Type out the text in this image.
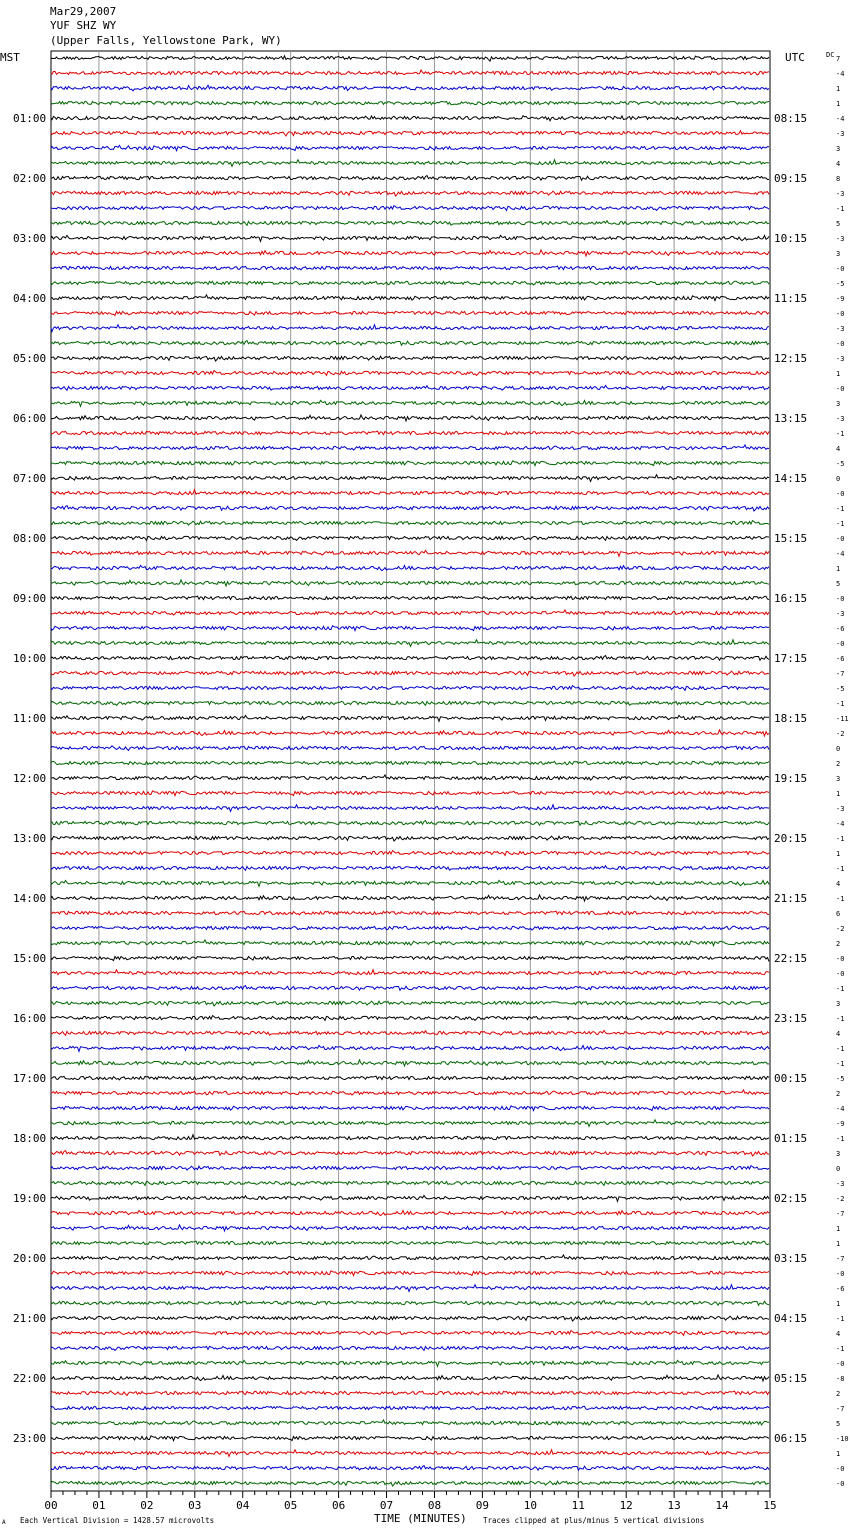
Mar29,2007
YUF SHZ WY
(Upper Falls, Yellowstone Park, WY)
MST	UTC	DC 7
-4
1
1
-4
-3
3
4
8
-3
-1
5
-3
3
-0
-5
-9
-0
-3
-0
-3
1
-0
3
-3
-1
4
-5
0
-0
-1
-1
-0
-4
1
5
-0
-3
-6
-0
-6
-7
-5
-1
-11
-2
0
2
3
1
-3
-4
-1
1
-1
4
-1
6
-2
2
-0
-0
-1
3
-1
4
-1
-1
-5
2
-4
-9
-1
3
0
-3
-2
-7
1
1
-7
-0
-6
1
-1
4
-1
-0
-8
2
-7
5
-10
1
-0
-0
01:00	08:15
02:00	09:15
03:00	10:15
04:00	11:15
05:00	12:15
06:00	13:15
07:00	14:15
08:00	15:15
09:00	16:15
10:00	17:15
11:00	18:15
12:00	19:15
13:00	20:15
14:00	21:15
15:00	22:15
16:00	23:15
17:00	00:15
18:00	01:15
19:00	02:15
20:00	03:15
21:00	04:15
22:00	05:15
23:00	06:15
00	01	02	03	04	05	06	07	08	09	10	11	12	13	14	15
A Each Vertical Division = 1428.57 microvolts	TIME (MINUTES) Traces clipped at plus/minus 5 vertical divisions
